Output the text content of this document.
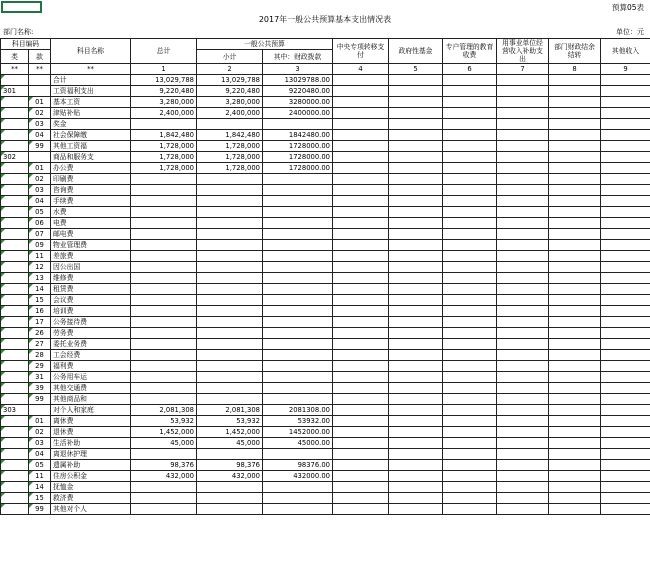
预算05表
2017年一般公共预算基本支出情况表
部门名称:	单位：元
科目编码		科目名称	总计	一般公共预算		中央专项转移支付	政府性基金	专户管理的教育收费	用事业单位经营收入补助支出	部门财政结余结转	其他收入
类	款			小计	其中：财政拨款						

**	**	**	1	2	3	4	5	6	7	8	9

		合计	13,029,788	13,029,788	13029788.00						
301		工资福利支出	9,220,480	9,220,480	9220480.00						

	01	基本工资	3,280,000	3,280,000	3280000.00						

	02	津贴补贴	2,400,000	2,400,000	2400000.00						

	03	奖金									

	04	社会保障缴	1,842,480	1,842,480	1842480.00						

	99	其他工资福	1,728,000	1,728,000	1728000.00						
302		商品和服务支	1,728,000	1,728,000	1728000.00						

	01	办公费	1,728,000	1,728,000	1728000.00						

	02	印刷费									

	03	咨询费									

	04	手续费									

	05	水费									

	06	电费									

	07	邮电费									

	09	物业管理费									

	11	差旅费									

	12	因公出国									

	13	维修费									

	14	租赁费									

	15	会议费									

	16	培训费									

	17	公务接待费									

	26	劳务费									

	27	委托业务费									

	28	工会经费									

	29	福利费									

	31	公务用车运									

	39	其他交通费									

	99	其他商品和									
303		对个人和家庭	2,081,308	2,081,308	2081308.00						

	01	离休费	53,932	53,932	53932.00						

	02	退休费	1,452,000	1,452,000	1452000.00						

	03	生活补助	45,000	45,000	45000.00						

	04	离退休护理									

	05	遗属补助	98,376	98,376	98376.00						

	11	住房公积金	432,000	432,000	432000.00						

	14	抚恤金									

	15	救济费									

	99	其他对个人									
